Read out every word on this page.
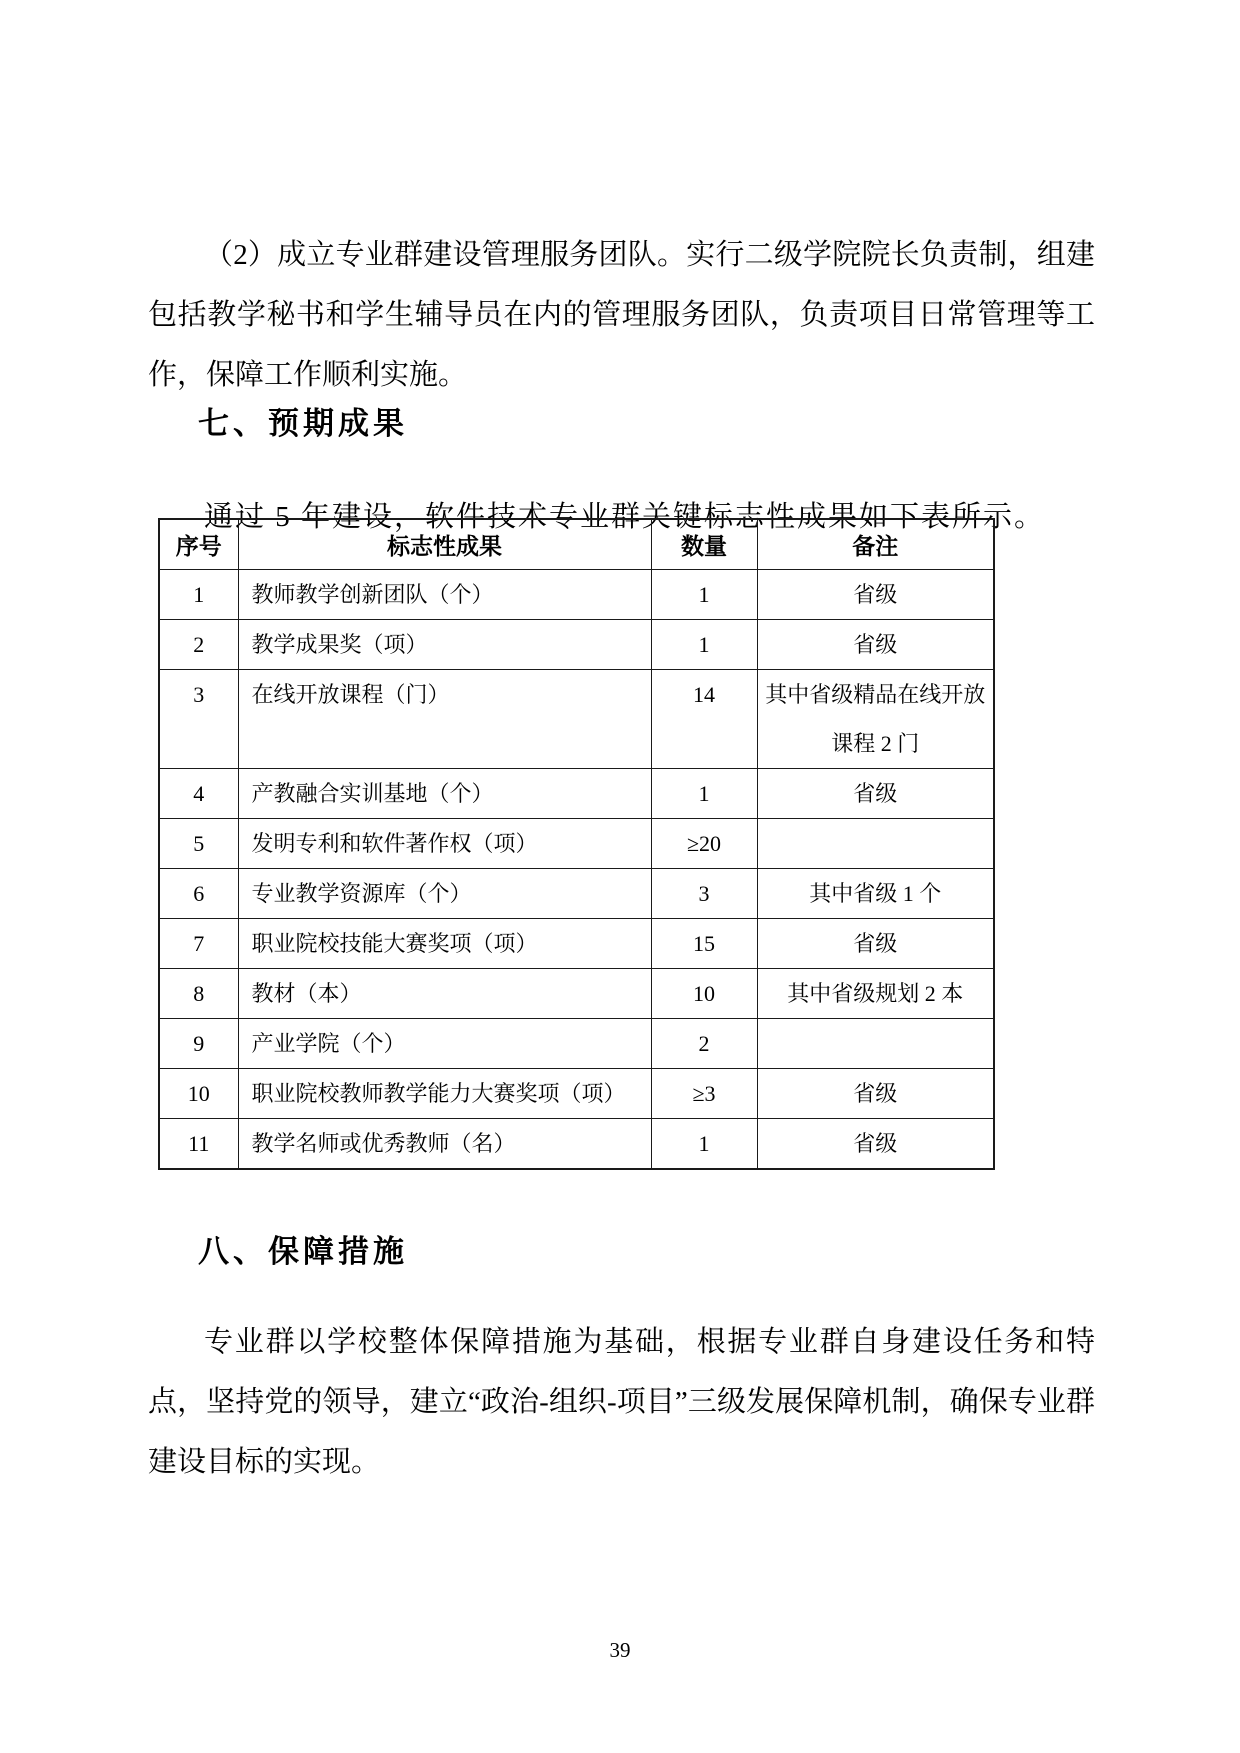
（2）成立专业群建设管理服务团队。实行二级学院院长负责制，组建包括教学秘书和学生辅导员在内的管理服务团队，负责项目日常管理等工作，保障工作顺利实施。

七、预期成果

通过 5 年建设，软件技术专业群关键标志性成果如下表所示。

序号	标志性成果	数量	备注
1	教师教学创新团队（个）	1	省级
2	教学成果奖（项）	1	省级
3	在线开放课程（门）	14	其中省级精品在线开放课程 2 门
4	产教融合实训基地（个）	1	省级
5	发明专利和软件著作权（项）	≥20	
6	专业教学资源库（个）	3	其中省级 1 个
7	职业院校技能大赛奖项（项）	15	省级
8	教材（本）	10	其中省级规划 2 本
9	产业学院（个）	2	
10	职业院校教师教学能力大赛奖项（项）	≥3	省级
11	教学名师或优秀教师（名）	1	省级
八、保障措施

专业群以学校整体保障措施为基础，根据专业群自身建设任务和特点，坚持党的领导，建立“政治-组织-项目”三级发展保障机制，确保专业群建设目标的实现。

39
